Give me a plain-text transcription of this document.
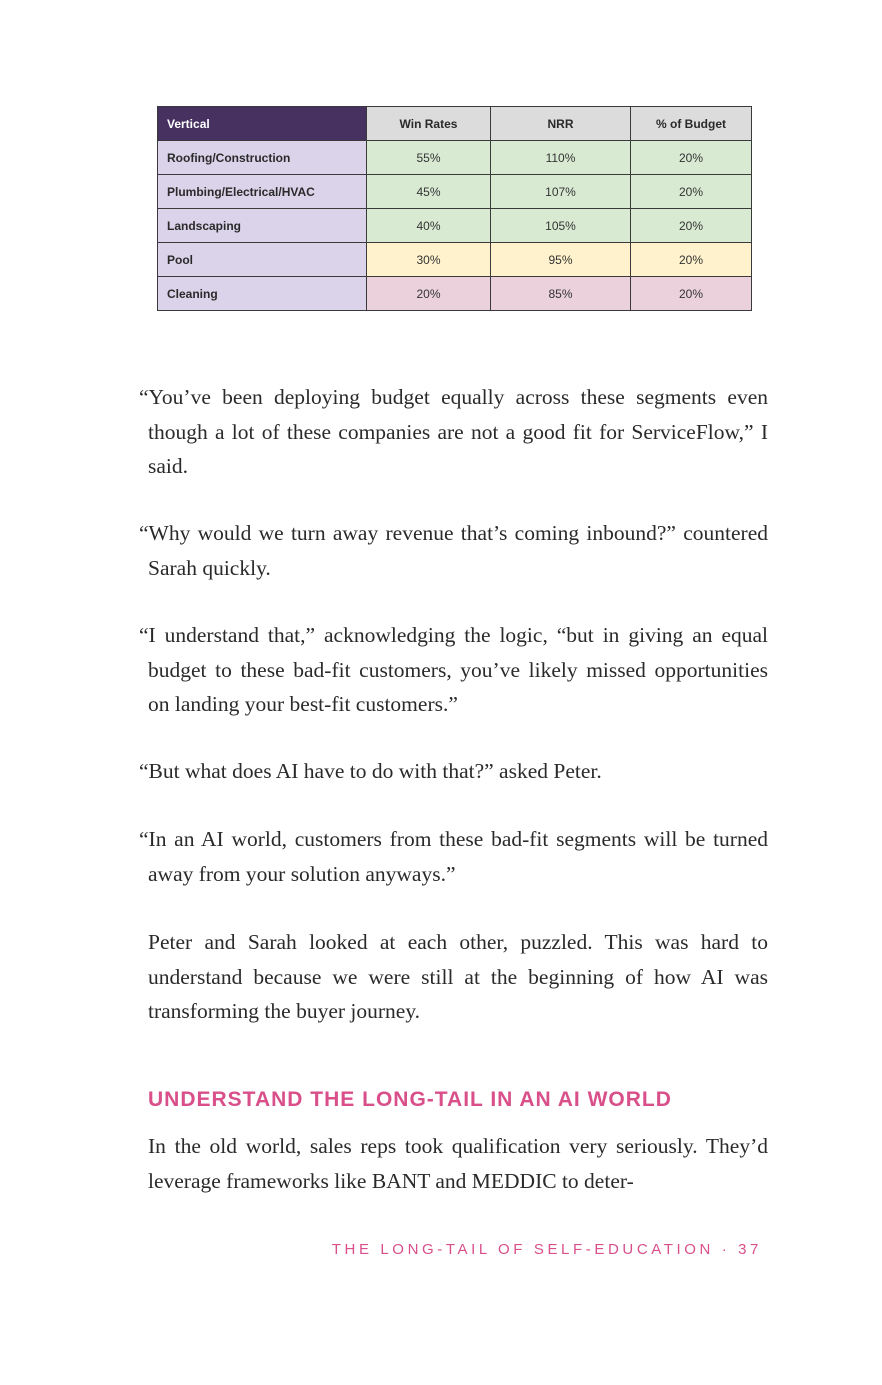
Vertical	Win Rates	NRR	% of Budget
Roofing/Construction	55%	110%	20%
Plumbing/Electrical/HVAC	45%	107%	20%
Landscaping	40%	105%	20%
Pool	30%	95%	20%
Cleaning	20%	85%	20%

“You’ve been deploying budget equally across these segments even though a lot of these companies are not a good fit for ServiceFlow,” I said.

“Why would we turn away revenue that’s coming inbound?” countered Sarah quickly.

“I understand that,” acknowledging the logic, “but in giving an equal budget to these bad-fit customers, you’ve likely missed opportunities on landing your best-fit customers.”

“But what does AI have to do with that?” asked Peter.

“In an AI world, customers from these bad-fit segments will be turned away from your solution anyways.”

Peter and Sarah looked at each other, puzzled. This was hard to understand because we were still at the beginning of how AI was transforming the buyer journey.

UNDERSTAND THE LONG-TAIL IN AN AI WORLD

In the old world, sales reps took qualification very seriously. They’d leverage frameworks like BANT and MEDDIC to deter-

THE LONG-TAIL OF SELF-EDUCATION · 37
